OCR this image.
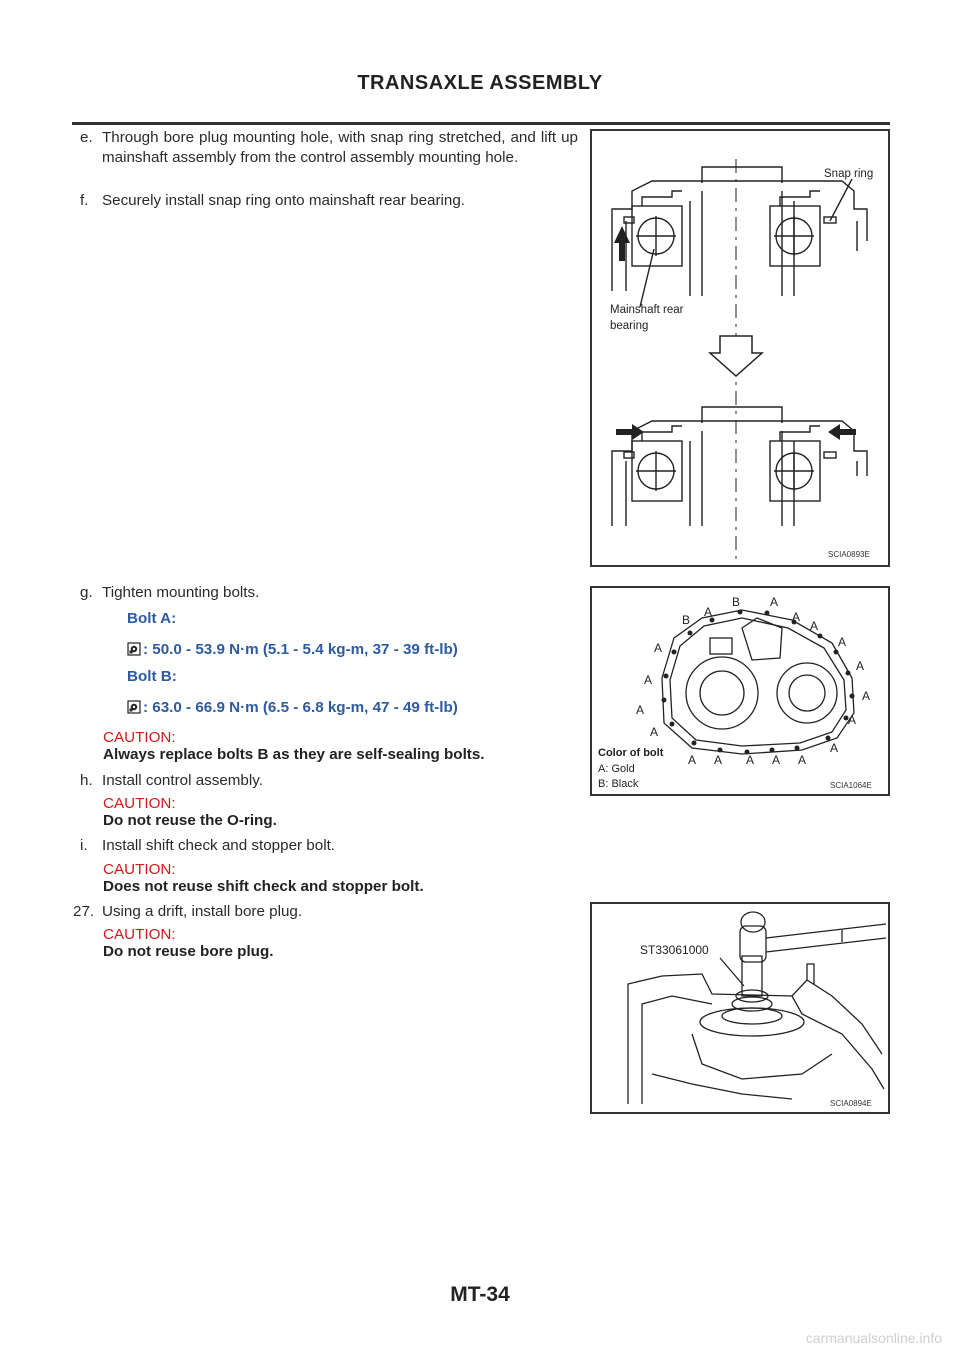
TRANSAXLE ASSEMBLY
e. Through bore plug mounting hole, with snap ring stretched, and lift up mainshaft assembly from the control assembly mounting hole.
f. Securely install snap ring onto mainshaft rear bearing.
g. Tighten mounting bolts.
Bolt A:
: 50.0 - 53.9 N·m (5.1 - 5.4 kg-m, 37 - 39 ft-lb)
Bolt B:
: 63.0 - 66.9 N·m (6.5 - 6.8 kg-m, 47 - 49 ft-lb)
CAUTION:
Always replace bolts B as they are self-sealing bolts.
h. Install control assembly.
CAUTION:
Do not reuse the O-ring.
i. Install shift check and stopper bolt.
CAUTION:
Does not reuse shift check and stopper bolt.
27. Using a drift, install bore plug.
CAUTION:
Do not reuse bore plug.
Snap ring
Mainshaft rear
bearing
SCIA0893E
B
A
B A
A
A
A
A
A
A
A
A
A
A
A
A
A
A
A
A
Color of bolt
A: Gold
B: Black	SCIA1064E
ST33061000
SCIA0894E
MT-34
carmanualsonline.info
